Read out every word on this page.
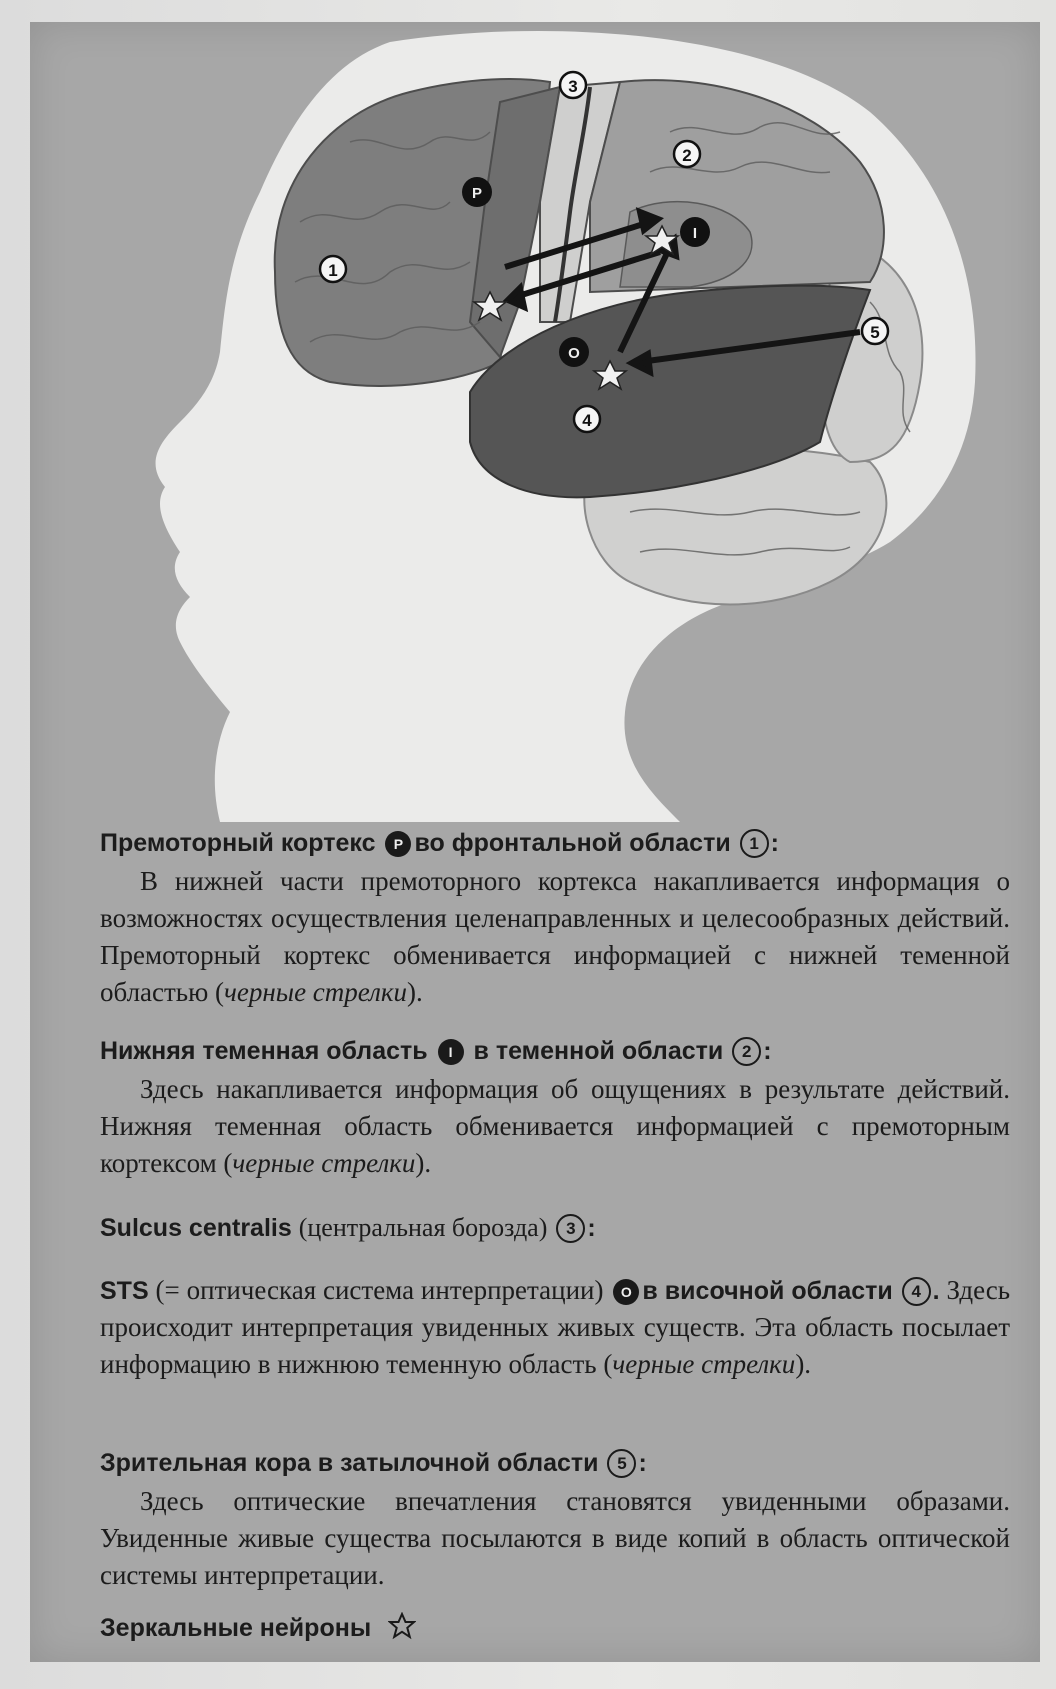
P
I
O
1
2
3
4
5
Премоторный кортекс P во фронтальной области 1 :

В нижней части премоторного кортекса накапливается информация о возможностях осуществления целенаправленных и целесообразных действий. Премоторный кортекс обменивается информацией с нижней теменной областью (черные стрелки).

Нижняя теменная область I в теменной области 2 :

Здесь накапливается информация об ощущениях в результате действий. Нижняя теменная область обменивается информацией с премоторным кортексом (черные стрелки).

Sulcus centralis (центральная борозда) 3 :

STS (= оптическая система интерпретации) O в височной области 4 . Здесь происходит интерпретация увиденных живых существ. Эта область посылает информацию в нижнюю теменную область (черные стрелки).

Зрительная кора в затылочной области 5 :

Здесь оптические впечатления становятся увиденными образами. Увиденные живые существа посылаются в виде копий в область оптической системы интерпретации.

Зеркальные нейроны
